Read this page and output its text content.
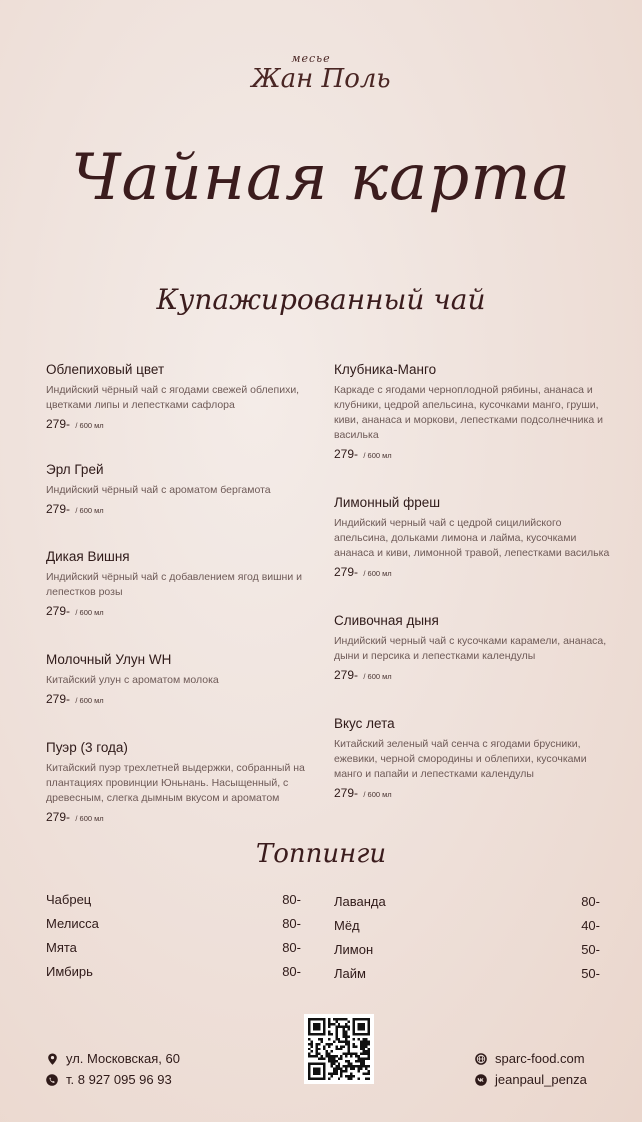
месье
Жан Поль
Чайная карта
Купажированный чай
Облепиховый цвет
Индийский чёрный чай с ягодами свежей облепихи, цветками липы и лепестками сафлора
279- / 600 мл
Эрл Грей
Индийский чёрный чай с ароматом бергамота
279- / 600 мл
Дикая Вишня
Индийский чёрный чай с добавлением ягод вишни и лепестков розы
279- / 600 мл
Молочный Улун WH
Китайский улун с ароматом молока
279- / 600 мл
Пуэр (3 года)
Китайский пуэр трехлетней выдержки, собранный на плантациях провинции Юньнань. Насыщенный, с древесным, слегка дымным вкусом и ароматом
279- / 600 мл
Клубника-Манго
Каркаде с ягодами черноплодной рябины, ананаса и клубники, цедрой апельсина, кусочками манго, груши, киви, ананаса и моркови, лепестками подсолнечника и василька
279- / 600 мл
Лимонный фреш
Индийский черный чай с цедрой сицилийского апельсина, дольками лимона и лайма, кусочками ананаса и киви, лимонной травой, лепестками василька
279- / 600 мл
Сливочная дыня
Индийский черный чай с кусочками карамели, ананаса, дыни и персика и лепестками календулы
279- / 600 мл
Вкус лета
Китайский зеленый чай сенча с ягодами брусники, ежевики, черной смородины и облепихи, кусочками манго и папайи и лепестками календулы
279- / 600 мл
Топпинги
Чабрец	80-
Мелисса	80-
Мята	80-
Имбирь	80-
Лаванда	80-
Мёд	40-
Лимон	50-
Лайм	50-
ул. Московская, 60
т. 8 927 095 96 93
sparc-food.com
jeanpaul_penza
